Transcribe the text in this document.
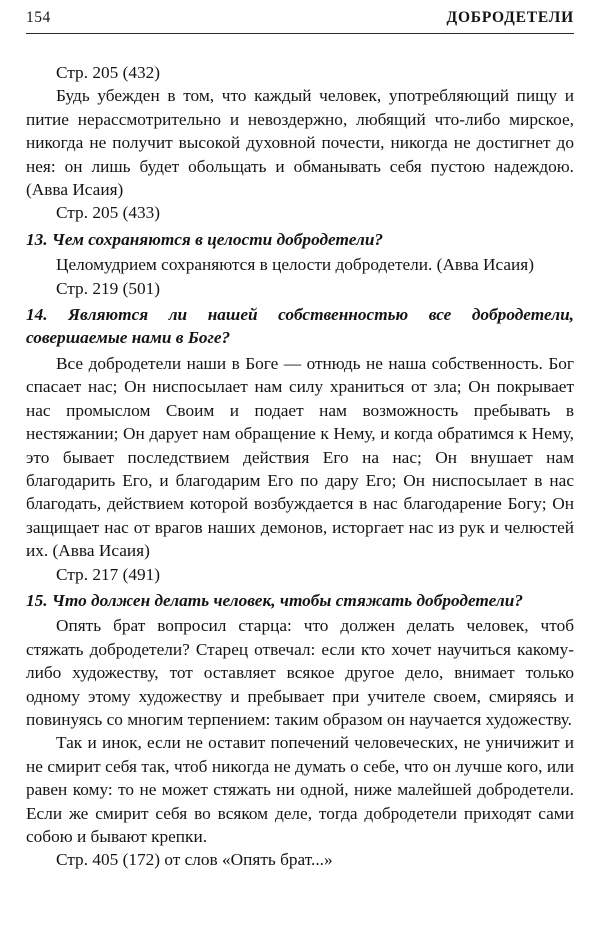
154	ДОБРОДЕТЕЛИ

Стр. 205 (432)

Будь убежден в том, что каждый человек, употребляющий пищу и питие нерассмотрительно и невоздержно, любящий что-либо мирское, никогда не получит высокой духовной почести, никогда не достигнет до нея: он лишь будет обольщать и обманывать себя пустою надеждою. (Авва Исаия)

Стр. 205 (433)

13. Чем сохраняются в целости добродетели?

Целомудрием сохраняются в целости добродетели. (Авва Исаия)

Стр. 219 (501)

14. Являются ли нашей собственностью все добродетели, совершаемые нами в Боге?

Все добродетели наши в Боге — отнюдь не наша собственность. Бог спасает нас; Он ниспосылает нам силу храниться от зла; Он покрывает нас промыслом Своим и подает нам возможность пребывать в нестяжании; Он дарует нам обращение к Нему, и когда обратимся к Нему, это бывает последствием действия Его на нас; Он внушает нам благодарить Его, и благодарим Его по дару Его; Он ниспосылает в нас благодать, действием которой возбуждается в нас благодарение Богу; Он защищает нас от врагов наших демонов, исторгает нас из рук и челюстей их. (Авва Исаия)

Стр. 217 (491)

15. Что должен делать человек, чтобы стяжать добродетели?

Опять брат вопросил старца: что должен делать человек, чтоб стяжать добродетели? Старец отвечал: если кто хочет научиться какому-либо художеству, тот оставляет всякое другое дело, внимает только одному этому художеству и пребывает при учителе своем, смиряясь и повинуясь со многим терпением: таким образом он научается художеству.

Так и инок, если не оставит попечений человеческих, не уничижит и не смирит себя так, чтоб никогда не думать о себе, что он лучше кого, или равен кому: то не может стяжать ни одной, ниже малейшей добродетели. Если же смирит себя во всяком деле, тогда добродетели приходят сами собою и бывают крепки.

Стр. 405 (172) от слов «Опять брат...»
